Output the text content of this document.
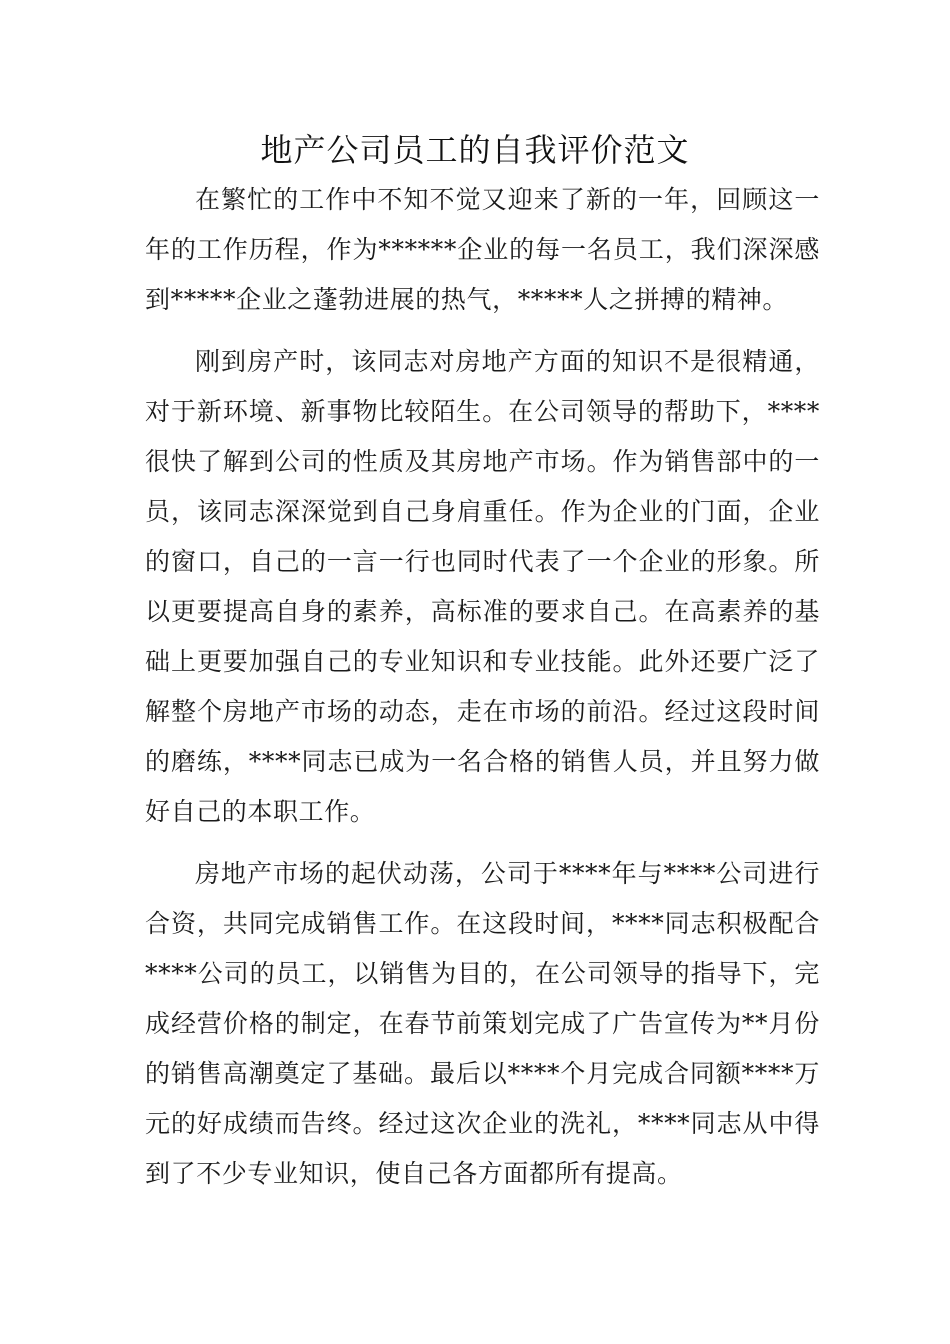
地产公司员工的自我评价范文

在繁忙的工作中不知不觉又迎来了新的一年，回顾这一年的工作历程，作为******企业的每一名员工，我们深深感到*****企业之蓬勃进展的热气，*****人之拼搏的精神。

刚到房产时，该同志对房地产方面的知识不是很精通，对于新环境、新事物比较陌生。在公司领导的帮助下，****很快了解到公司的性质及其房地产市场。作为销售部中的一员，该同志深深觉到自己身肩重任。作为企业的门面，企业的窗口，自己的一言一行也同时代表了一个企业的形象。所以更要提高自身的素养，高标准的要求自己。在高素养的基础上更要加强自己的专业知识和专业技能。此外还要广泛了解整个房地产市场的动态，走在市场的前沿。经过这段时间的磨练，****同志已成为一名合格的销售人员，并且努力做好自己的本职工作。

房地产市场的起伏动荡，公司于****年与****公司进行合资，共同完成销售工作。在这段时间，****同志积极配合****公司的员工，以销售为目的，在公司领导的指导下，完成经营价格的制定，在春节前策划完成了广告宣传为**月份的销售高潮奠定了基础。最后以****个月完成合同额****万元的好成绩而告终。经过这次企业的洗礼，****同志从中得到了不少专业知识，使自己各方面都所有提高。
